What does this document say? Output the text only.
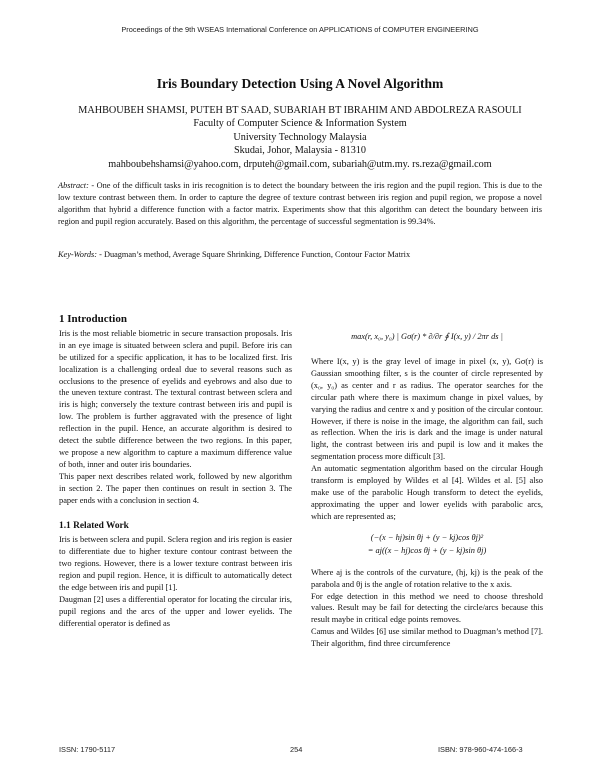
Proceedings of the 9th WSEAS International Conference on APPLICATIONS of COMPUTER ENGINEERING
Iris Boundary Detection Using A Novel Algorithm
MAHBOUBEH SHAMSI, PUTEH BT SAAD, SUBARIAH BT IBRAHIM AND ABDOLREZA RASOULI
Faculty of Computer Science & Information System
University Technology Malaysia
Skudai, Johor, Malaysia - 81310
mahboubehshamsi@yahoo.com, drputeh@gmail.com, subariah@utm.my. rs.reza@gmail.com
Abstract: - One of the difficult tasks in iris recognition is to detect the boundary between the iris region and the pupil region. This is due to the low texture contrast between them. In order to capture the degree of texture contrast between iris region and pupil region, we propose a novel algorithm that hybrid a difference function with a factor matrix. Experiments show that this algorithm can detect the boundary between iris region and pupil region accurately. Based on this algorithm, the percentage of successful segmentation is 99.34%.
Key-Words: - Duagman’s method, Average Square Shrinking, Difference Function, Contour Factor Matrix
1 Introduction

Iris is the most reliable biometric in secure transaction proposals. Iris in an eye image is situated between sclera and pupil. Before iris can be utilized for a specific application, it has to be localized first. Iris localization is a challenging ordeal due to several reasons such as occlusions to the presence of eyelids and eyebrows and also due to the uneven texture contrast. The textural contrast between sclera and iris is high; conversely the texture contrast between iris and pupil is low. The problem is further aggravated with the presence of light reflection in the pupil. Hence, an accurate algorithm is desired to detect the subtle difference between the two regions. In this paper, we propose a new algorithm to capture a maximum difference value of both, inner and outer iris boundaries.

This paper next describes related work, followed by new algorithm in section 2. The paper then continues on result in section 3. The paper ends with a conclusion in section 4.

1.1 Related Work

Iris is between sclera and pupil. Sclera region and iris region is easier to differentiate due to higher texture contour contrast between the two regions. However, there is a lower texture contrast between iris region and pupil region. Hence, it is difficult to automatically detect the edge between iris and pupil [1].

Daugman [2] uses a differential operator for locating the circular iris, pupil regions and the arcs of the upper and lower eyelids. The differential operator is defined as

max(r, x₀, y₀) | Gσ(r) * ∂/∂r ∮ I(x, y) / 2πr ds |

Where I(x, y) is the gray level of image in pixel (x, y), Gσ(r) is Gaussian smoothing filter, s is the counter of circle represented by (x₀, y₀) as center and r as radius. The operator searches for the circular path where there is maximum change in pixel values, by varying the radius and centre x and y position of the circular contour. However, if there is noise in the image, the algorithm can fail, such as reflection. When the iris is dark and the image is under natural light, the contrast between iris and pupil is low and it makes the segmentation process more difficult [3].

An automatic segmentation algorithm based on the circular Hough transform is employed by Wildes et al [4]. Wildes et al. [5] also make use of the parabolic Hough transform to detect the eyelids, approximating the upper and lower eyelids with parabolic arcs, which are represented as;

(−(x − hj)sin θj + (y − kj)cos θj)²
= aj((x − hj)cos θj + (y − kj)sin θj)

Where aj is the controls of the curvature, (hj, kj) is the peak of the parabola and θj is the angle of rotation relative to the x axis.

For edge detection in this method we need to choose threshold values. Result may be fail for detecting the circle/arcs because this result maybe in critical edge points removes.

Camus and Wildes [6] use similar method to Duagman’s method [7]. Their algorithm, find three circumference

ISSN: 1790-5117	254	ISBN: 978-960-474-166-3
